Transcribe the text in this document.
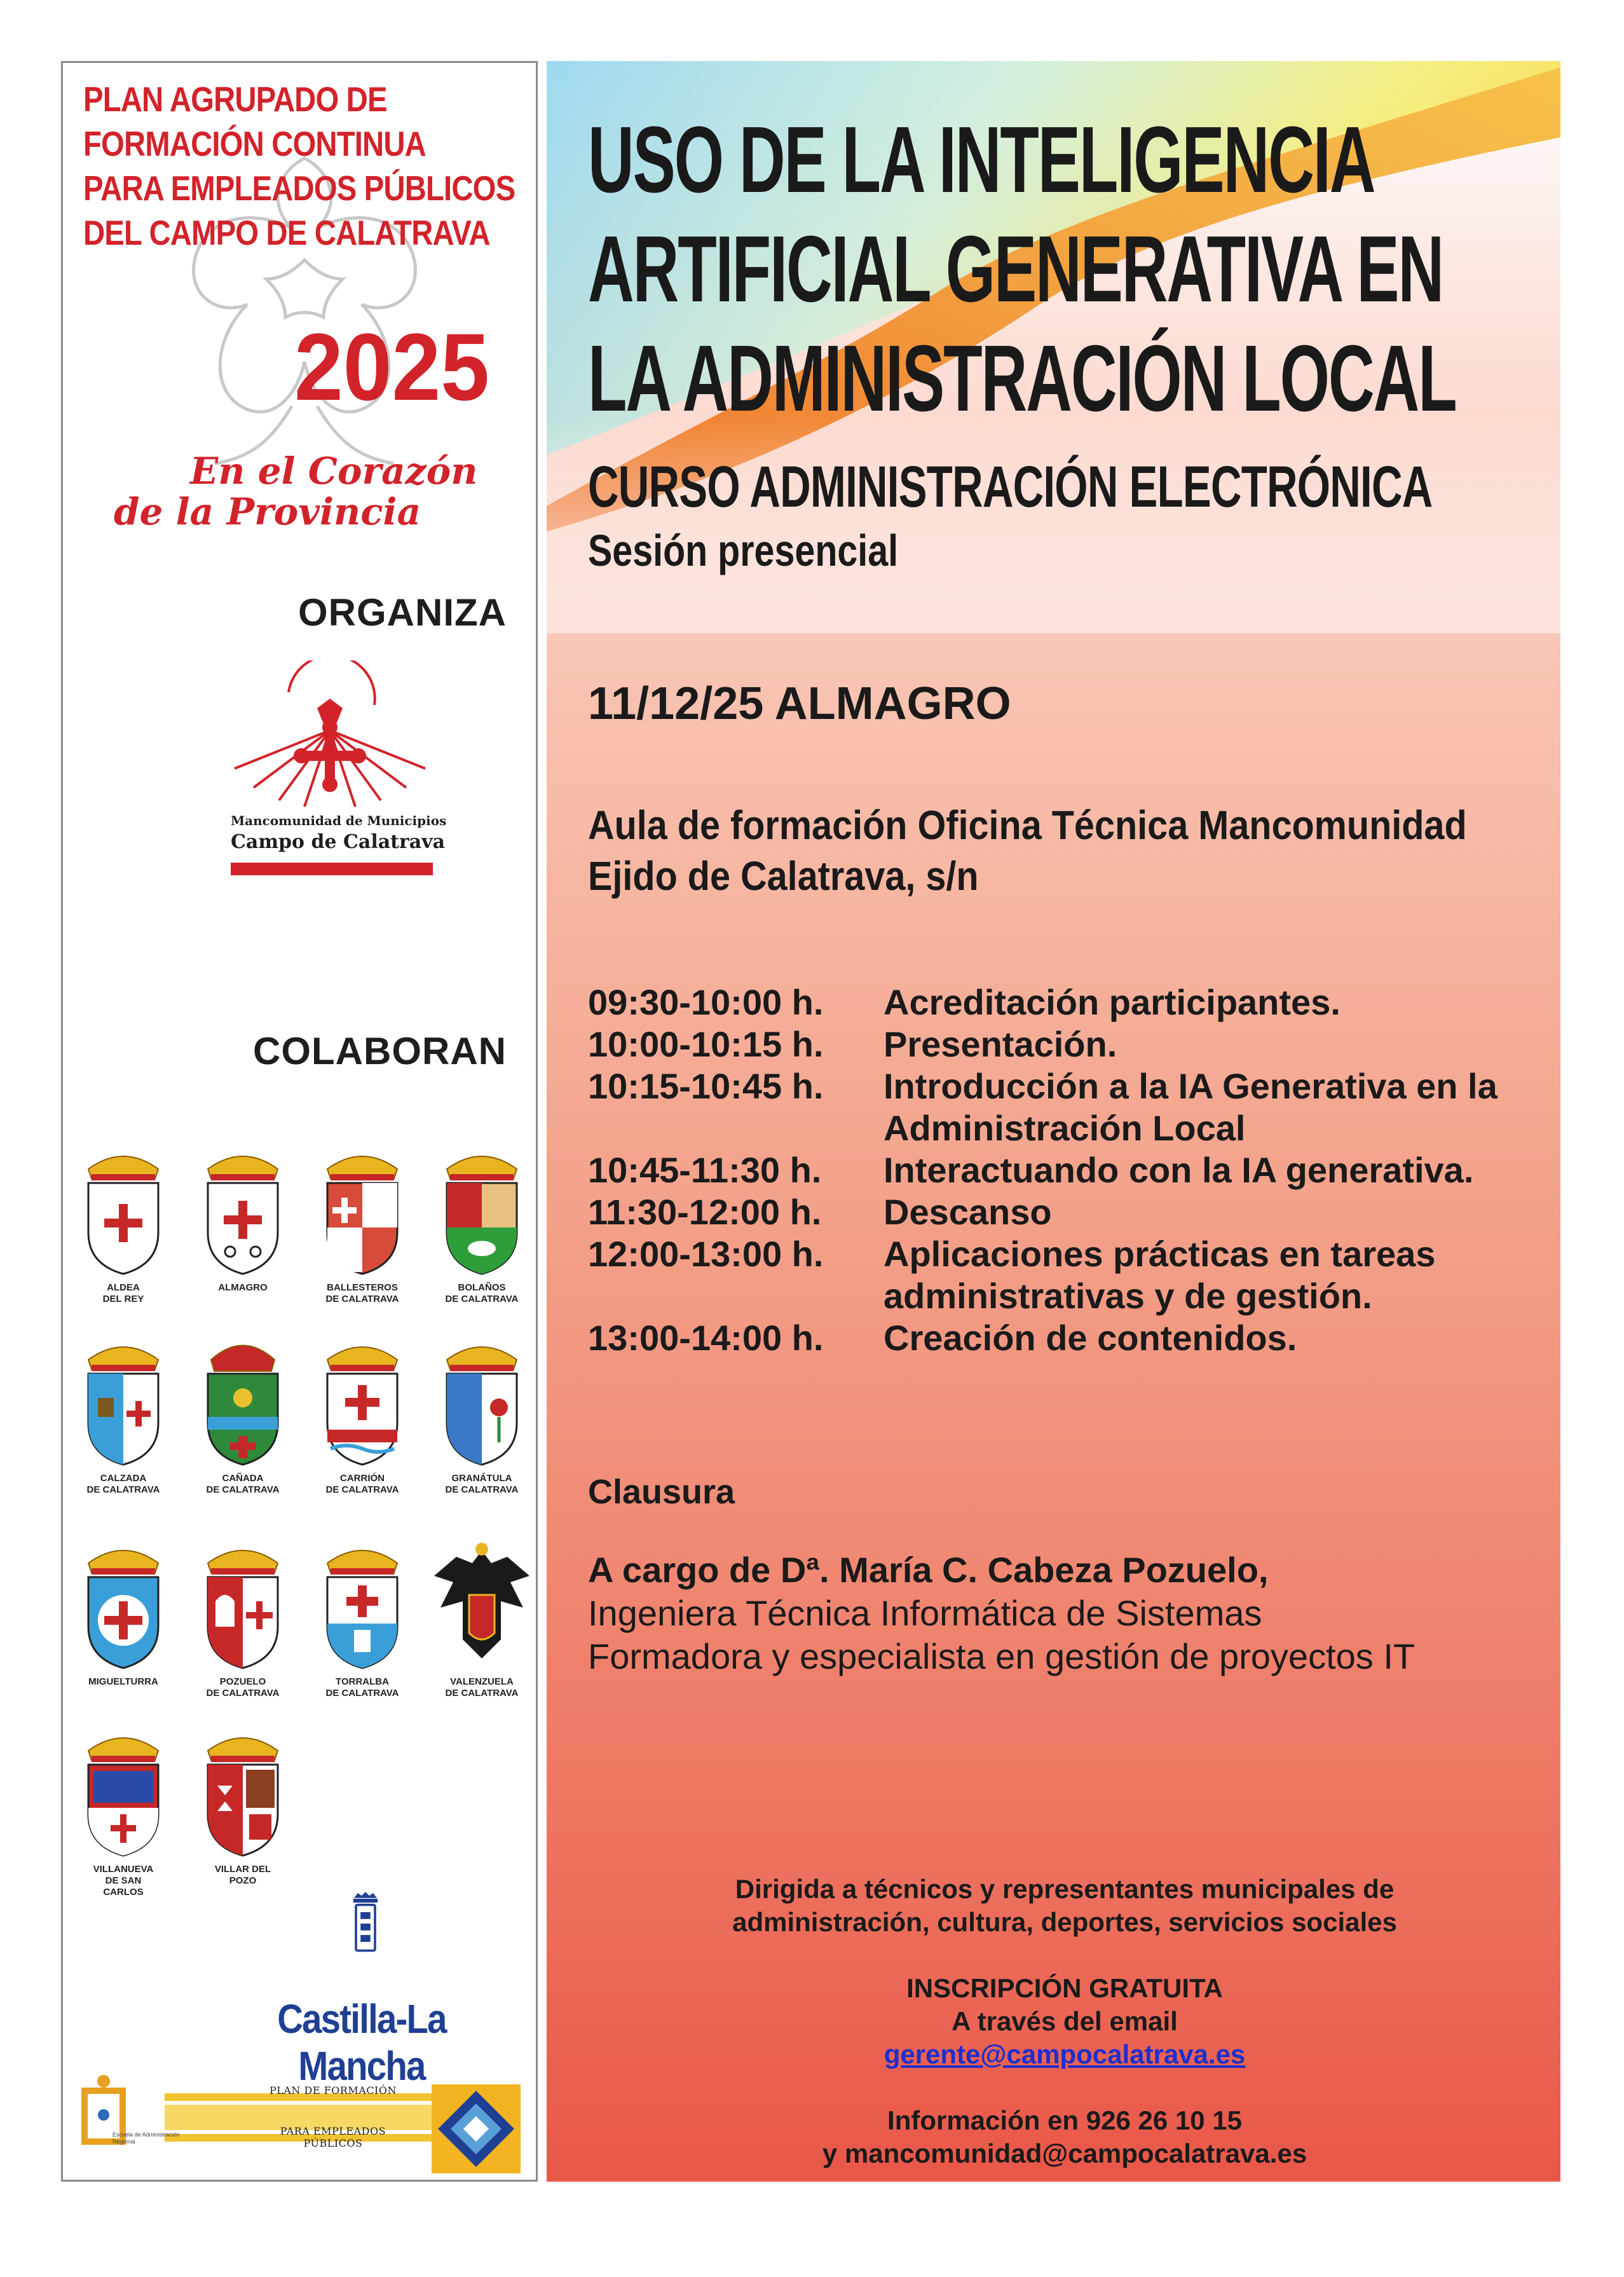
PLAN AGRUPADO DE
FORMACIÓN CONTINUA
PARA EMPLEADOS PÚBLICOS
DEL CAMPO DE CALATRAVA
2025
En el Corazón
de la Provincia
ORGANIZA
Mancomunidad de Municipios
Campo de Calatrava
COLABORAN
ALDEA
DEL REY
ALMAGRO	BALLESTEROS
DE CALATRAVA
BOLAÑOS
DE CALATRAVA
CALZADA
DE CALATRAVA
CAÑADA
DE CALATRAVA
CARRIÓN
DE CALATRAVA
GRANÁTULA
DE CALATRAVA
MIGUELTURRA	POZUELO
DE CALATRAVA
TORRALBA
DE CALATRAVA
VALENZUELA
DE CALATRAVA
VILLANUEVA
DE SAN
CARLOS
VILLAR DEL
POZO
Castilla-La Mancha
PLAN DE FORMACIÓN
PARA EMPLEADOS PÚBLICOS
Escuela de Administración Regional
USO DE LA INTELIGENCIA
ARTIFICIAL GENERATIVA EN
LA ADMINISTRACIÓN LOCAL
CURSO ADMINISTRACIÓN ELECTRÓNICA
Sesión presencial
11/12/25 ALMAGRO
Aula de formación Oficina Técnica Mancomunidad
Ejido de Calatrava, s/n
09:30-10:00 h. Acreditación participantes.
10:00-10:15 h. Presentación.
10:15-10:45 h. Introducción a la IA Generativa en la Administración Local
10:45-11:30 h. Interactuando con la IA generativa.
11:30-12:00 h. Descanso
12:00-13:00 h. Aplicaciones prácticas en tareas administrativas y de gestión.
13:00-14:00 h. Creación de contenidos.
Clausura
A cargo de Dª. María C. Cabeza Pozuelo,
Ingeniera Técnica Informática de Sistemas
Formadora y especialista en gestión de proyectos IT
Dirigida a técnicos y representantes municipales de
administración, cultura, deportes, servicios sociales
INSCRIPCIÓN GRATUITA
A través del email
gerente@campocalatrava.es
Información en 926 26 10 15
y mancomunidad@campocalatrava.es
